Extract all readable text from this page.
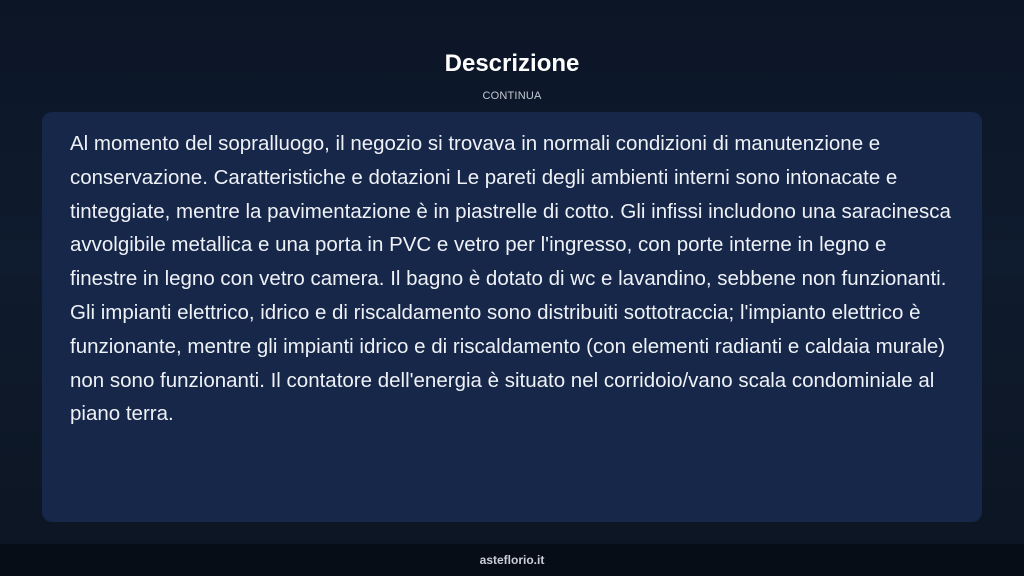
Descrizione
CONTINUA

Al momento del sopralluogo, il negozio si trovava in normali condizioni di manutenzione e conservazione. Caratteristiche e dotazioni Le pareti degli ambienti interni sono intonacate e tinteggiate, mentre la pavimentazione è in piastrelle di cotto. Gli infissi includono una saracinesca avvolgibile metallica e una porta in PVC e vetro per l'ingresso, con porte interne in legno e finestre in legno con vetro camera. Il bagno è dotato di wc e lavandino, sebbene non funzionanti. Gli impianti elettrico, idrico e di riscaldamento sono distribuiti sottotraccia; l'impianto elettrico è funzionante, mentre gli impianti idrico e di riscaldamento (con elementi radianti e caldaia murale) non sono funzionanti. Il contatore dell'energia è situato nel corridoio/vano scala condominiale al piano terra.

asteflorio.it
